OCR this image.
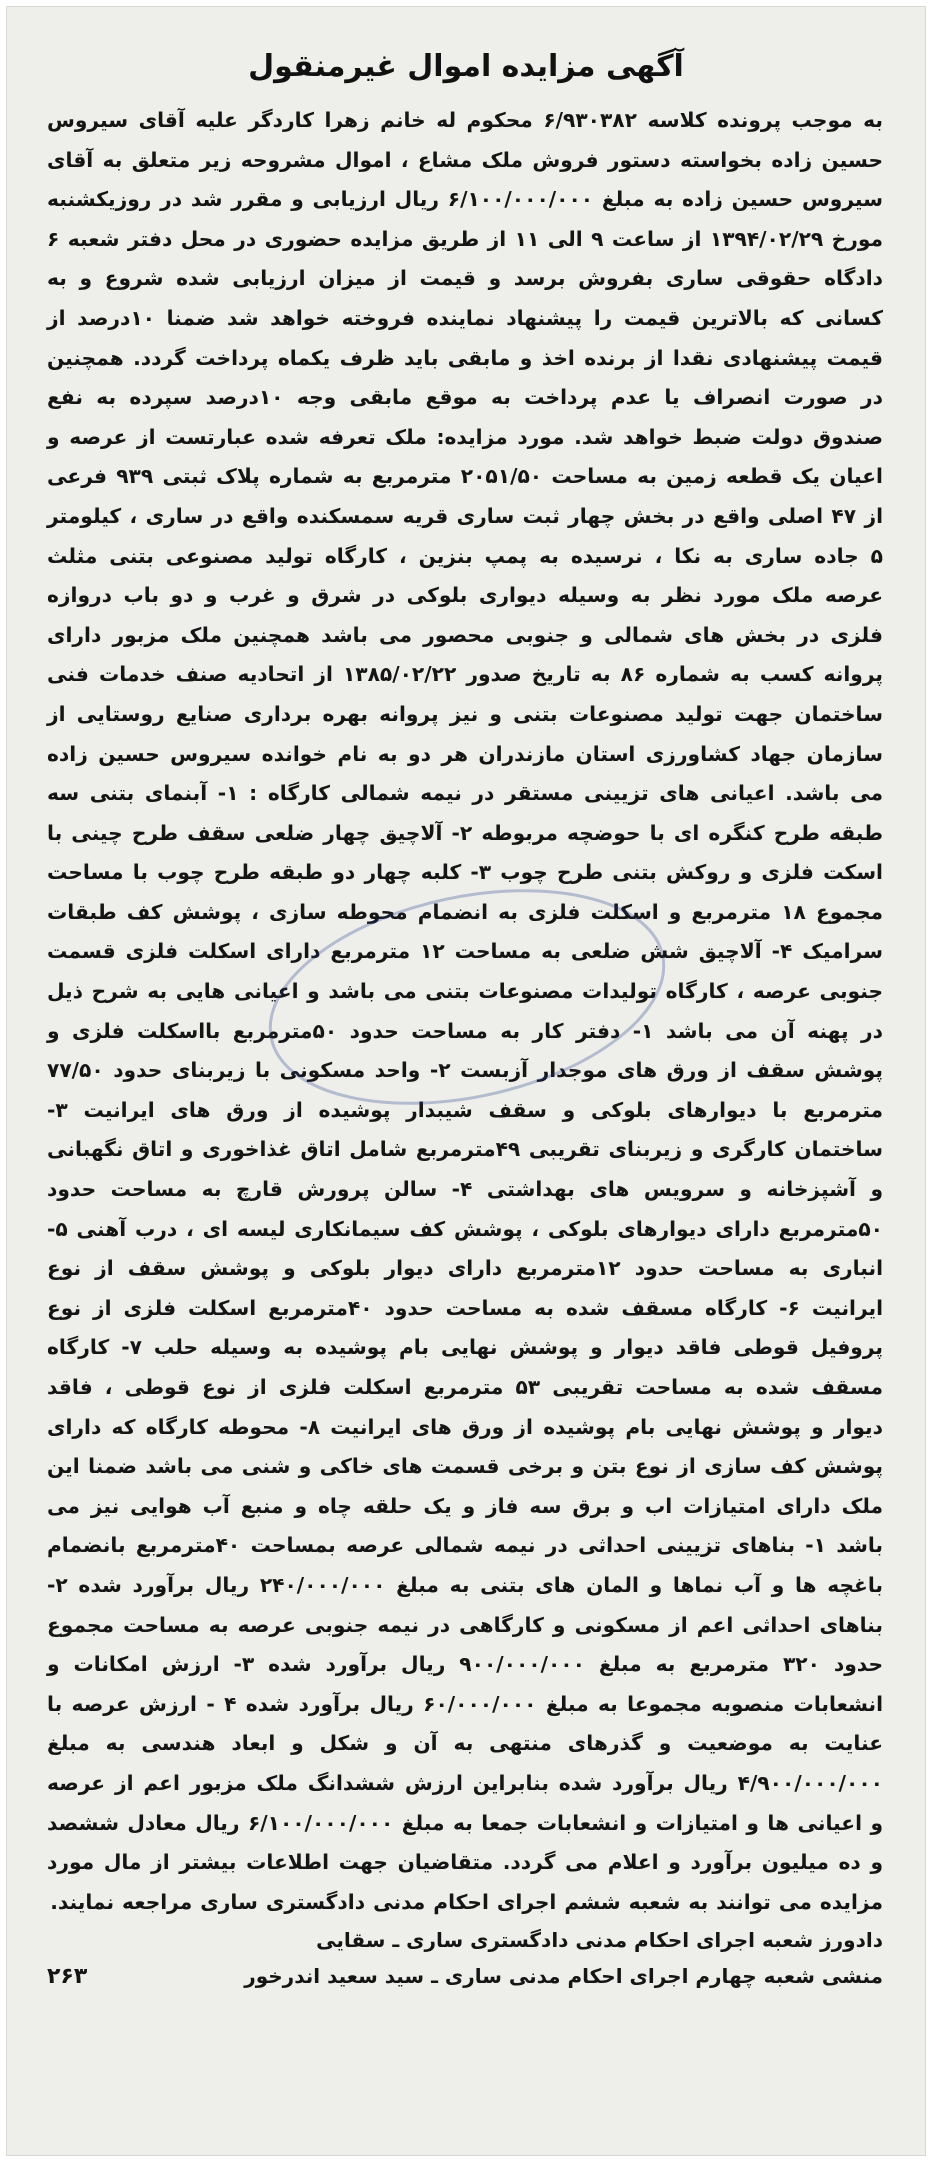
آگهی مزایده اموال غیرمنقول

به موجب پرونده کلاسه ۶/۹۳۰۳۸۲ محکوم له خانم زهرا کاردگر علیه آقای سیروس حسین زاده بخواسته دستور فروش ملک مشاع ، اموال مشروحه زیر متعلق به آقای سیروس حسین زاده به مبلغ ۶/۱۰۰/۰۰۰/۰۰۰ ریال ارزیابی و مقرر شد در روزیکشنبه مورخ ۱۳۹۴/۰۲/۲۹ از ساعت ۹ الی ۱۱ از طریق مزایده حضوری در محل دفتر شعبه ۶ دادگاه حقوقی ساری بفروش برسد و قیمت از میزان ارزیابی شده شروع و به کسانی که بالاترین قیمت را پیشنهاد نماینده فروخته خواهد شد ضمنا ۱۰درصد از قیمت پیشنهادی نقدا از برنده اخذ و مابقی باید ظرف یکماه پرداخت گردد. همچنین در صورت انصراف یا عدم پرداخت به موقع مابقی وجه ۱۰درصد سپرده به نفع صندوق دولت ضبط خواهد شد. مورد مزایده: ملک تعرفه شده عبارتست از عرصه و اعیان یک قطعه زمین به مساحت ۲۰۵۱/۵۰ مترمربع به شماره پلاک ثبتی ۹۳۹ فرعی از ۴۷ اصلی واقع در بخش چهار ثبت ساری قریه سمسکنده واقع در ساری ، کیلومتر ۵ جاده ساری به نکا ، نرسیده به پمپ بنزین ، کارگاه تولید مصنوعی بتنی مثلث عرصه ملک مورد نظر به وسیله دیواری بلوکی در شرق و غرب و دو باب دروازه فلزی در بخش های شمالی و جنوبی محصور می باشد همچنین ملک مزبور دارای پروانه کسب به شماره ۸۶ به تاریخ صدور ۱۳۸۵/۰۲/۲۲ از اتحادیه صنف خدمات فنی ساختمان جهت تولید مصنوعات بتنی و نیز پروانه بهره برداری صنایع روستایی از سازمان جهاد کشاورزی استان مازندران هر دو به نام خوانده سیروس حسین زاده می باشد. اعیانی های تزیینی مستقر در نیمه شمالی کارگاه : ۱- آبنمای بتنی سه طبقه طرح کنگره ای با حوضچه مربوطه ۲- آلاچیق چهار ضلعی سقف طرح چینی با اسکت فلزی و روکش بتنی طرح چوب ۳- کلبه چهار دو طبقه طرح چوب با مساحت مجموع ۱۸ مترمربع و اسکلت فلزی به انضمام محوطه سازی ، پوشش کف طبقات سرامیک ۴- آلاچیق شش ضلعی به مساحت ۱۲ مترمربع دارای اسکلت فلزی قسمت جنوبی عرصه ، کارگاه تولیدات مصنوعات بتنی می باشد و اعیانی هایی به شرح ذیل در پهنه آن می باشد ۱- دفتر کار به مساحت حدود ۵۰مترمربع بااسکلت فلزی و پوشش سقف از ورق های موجدار آزبست ۲- واحد مسکونی با زیربنای حدود ۷۷/۵۰ مترمربع با دیوارهای بلوکی و سقف شیبدار پوشیده از ورق های ایرانیت ۳- ساختمان کارگری و زیربنای تقریبی ۴۹مترمربع شامل اتاق غذاخوری و اتاق نگهبانی و آشپزخانه و سرویس های بهداشتی ۴- سالن پرورش قارچ به مساحت حدود ۵۰مترمربع دارای دیوارهای بلوکی ، پوشش کف سیمانکاری لیسه ای ، درب آهنی ۵- انباری به مساحت حدود ۱۲مترمربع دارای دیوار بلوکی و پوشش سقف از نوع ایرانیت ۶- کارگاه مسقف شده به مساحت حدود ۴۰مترمربع اسکلت فلزی از نوع پروفیل قوطی فاقد دیوار و پوشش نهایی بام پوشیده به وسیله حلب ۷- کارگاه مسقف شده به مساحت تقریبی ۵۳ مترمربع اسکلت فلزی از نوع قوطی ، فاقد دیوار و پوشش نهایی بام پوشیده از ورق های ایرانیت ۸- محوطه کارگاه که دارای پوشش کف سازی از نوع بتن و برخی قسمت های خاکی و شنی می باشد ضمنا این ملک دارای امتیازات اب و برق سه فاز و یک حلقه چاه و منبع آب هوایی نیز می باشد ۱- بناهای تزیینی احداثی در نیمه شمالی عرصه بمساحت ۴۰مترمربع بانضمام باغچه ها و آب نماها و المان های بتنی به مبلغ ۲۴۰/۰۰۰/۰۰۰ ریال برآورد شده ۲- بناهای احداثی اعم از مسکونی و کارگاهی در نیمه جنوبی عرصه به مساحت مجموع حدود ۳۲۰ مترمربع به مبلغ ۹۰۰/۰۰۰/۰۰۰ ریال برآورد شده ۳- ارزش امکانات و انشعابات منصوبه مجموعا به مبلغ ۶۰/۰۰۰/۰۰۰ ریال برآورد شده ۴ - ارزش عرصه با عنایت به موضعیت و گذرهای منتهی به آن و شکل و ابعاد هندسی به مبلغ ۴/۹۰۰/۰۰۰/۰۰۰ ریال برآورد شده بنابراین ارزش ششدانگ ملک مزبور اعم از عرصه و اعیانی ها و امتیازات و انشعابات جمعا به مبلغ ۶/۱۰۰/۰۰۰/۰۰۰ ریال معادل ششصد و ده میلیون برآورد و اعلام می گردد. متقاضیان جهت اطلاعات بیشتر از مال مورد مزایده می توانند به شعبه ششم اجرای احکام مدنی دادگستری ساری مراجعه نمایند.

دادورز شعبه اجرای احکام مدنی دادگستری ساری ـ سقایی
منشی شعبه چهارم اجرای احکام مدنی ساری ـ سید سعید اندرخور
۲۶۳
